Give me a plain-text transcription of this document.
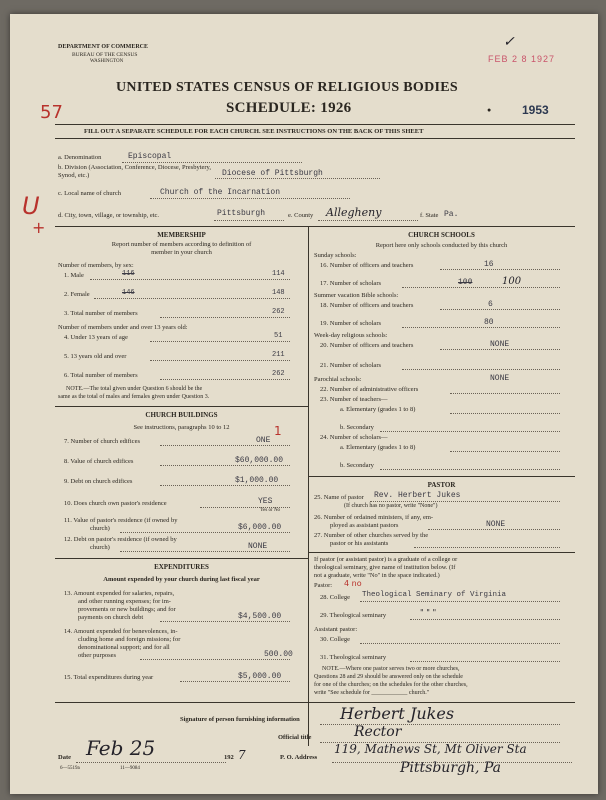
DEPARTMENT OF COMMERCE
BUREAU OF THE CENSUS
WASHINGTON	FEB 2 8 1927
✓
UNITED STATES CENSUS OF RELIGIOUS BODIES
57	SCHEDULE: 1926	●	1953
FILL OUT A SEPARATE SCHEDULE FOR EACH CHURCH. SEE INSTRUCTIONS ON THE BACK OF THIS SHEET
a. Denomination	Episcopal
b. Division (Association, Conference, Diocese, Presbytery, Synod, etc.)	Diocese of Pittsburgh
c. Local name of church	Church of the Incarnation
U
+
d. City, town, village, or township, etc.	Pittsburgh	e. County Allegheny	f. State Pa.
MEMBERSHIP
Report number of members according to definition of
member in your church
Number of members, by sex:
1. Male	116	114
2. Female	146	148
3. Total number of members	262
Number of members under and over 13 years old:
4. Under 13 years of age	51
5. 13 years old and over	211
6. Total number of members	262
NOTE.—The total given under Question 6 should be the
same as the total of males and females given under Question 3.
CHURCH BUILDINGS
See instructions, paragraphs 10 to 12
7. Number of church edifices	ONE
1
8. Value of church edifices	$60,000.00
9. Debt on church edifices	$1,000.00
10. Does church own pastor's residence	YES
Yes or No
11. Value of pastor's residence (if owned by
church)	$6,000.00
12. Debt on pastor's residence (if owned by
church)	NONE
EXPENDITURES
Amount expended by your church during last fiscal year
13. Amount expended for salaries, repairs,
and other running expenses; for im-
provements or new buildings; and for
payments on church debt	$4,500.00
14. Amount expended for benevolences, in-
cluding home and foreign missions; for
denominational support; and for all
other purposes	500.00
15. Total expenditures during year	$5,000.00
CHURCH SCHOOLS
Report here only schools conducted by this church
Sunday schools:
16. Number of officers and teachers	16
17. Number of scholars	100	100
Summer vacation Bible schools:
18. Number of officers and teachers	6
19. Number of scholars	80
Week-day religious schools:
20. Number of officers and teachers	NONE
21. Number of scholars
Parochial schools:	NONE
22. Number of administrative officers
23. Number of teachers—
a. Elementary (grades 1 to 8)
b. Secondary
24. Number of scholars—
a. Elementary (grades 1 to 8)
b. Secondary
PASTOR
25. Name of pastor Rev. Herbert Jukes
(If church has no pastor, write "None")
26. Number of ordained ministers, if any, em-
ployed as assistant pastors	NONE
27. Number of other churches served by the
pastor or his assistants
If pastor (or assistant pastor) is a graduate of a college or
theological seminary, give name of institution below. (If
not a graduate, write "No" in the space indicated.)
Pastor: 4 no
28. College Theological Seminary of Virginia
29. Theological seminary	" " "
Assistant pastor:
30. College
31. Theological seminary
NOTE.—Where one pastor serves two or more churches,
Questions 28 and 29 should be answered only on the schedule
for one of the churches; on the schedules for the other churches,
write "See schedule for ____________ church."
Signature of person furnishing information	Herbert Jukes
Official title	Rector
Date Feb 25	192 7	P. O. Address
119, Mathews St, Mt Oliver Sta
Pittsburgh, Pa
6—5519a	11—9084
